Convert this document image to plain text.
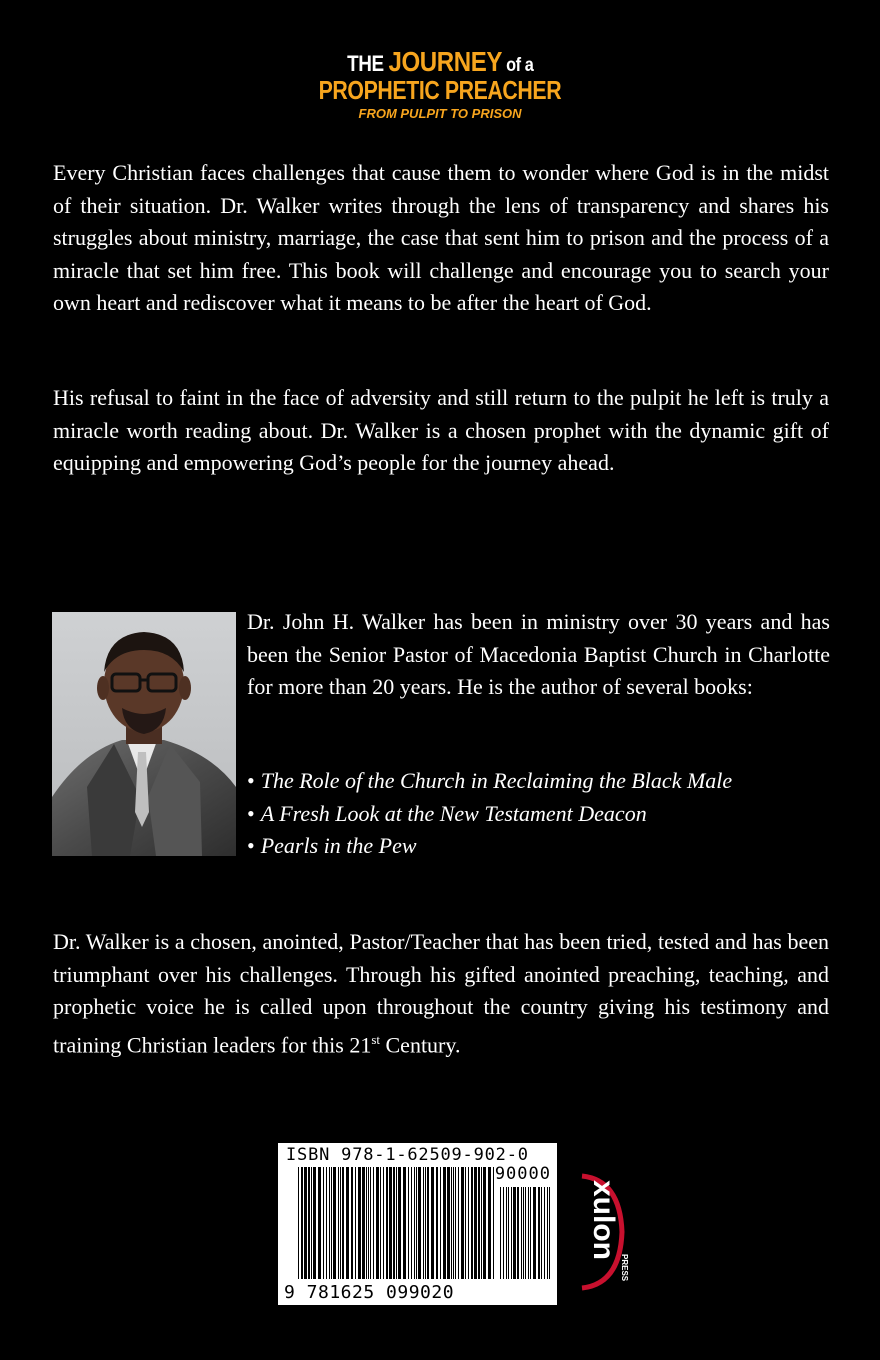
THE JOURNEY of a
PROPHETIC PREACHER
FROM PULPIT TO PRISON

Every Christian faces challenges that cause them to wonder where God is in the midst of their situation. Dr. Walker writes through the lens of transparency and shares his struggles about ministry, marriage, the case that sent him to prison and the process of a miracle that set him free. This book will challenge and encourage you to search your own heart and rediscover what it means to be after the heart of God.

His refusal to faint in the face of adversity and still return to the pulpit he left is truly a miracle worth reading about. Dr. Walker is a chosen prophet with the dynamic gift of equipping and empowering God’s people for the journey ahead.

Dr. John H. Walker has been in ministry over 30 years and has been the Senior Pastor of Macedonia Baptist Church in Charlotte for more than 20 years. He is the author of several books:

• The Role of the Church in Reclaiming the Black Male
• A Fresh Look at the New Testament Deacon
• Pearls in the Pew

Dr. Walker is a chosen, anointed, Pastor/Teacher that has been tried, tested and has been triumphant over his challenges. Through his gifted anointed preaching, teaching, and prophetic voice he is called upon throughout the country giving his testimony and training Christian leaders for this 21st Century.

ISBN 978-1-62509-902-0
90000
9 781625 099020
xulon
PRESS
